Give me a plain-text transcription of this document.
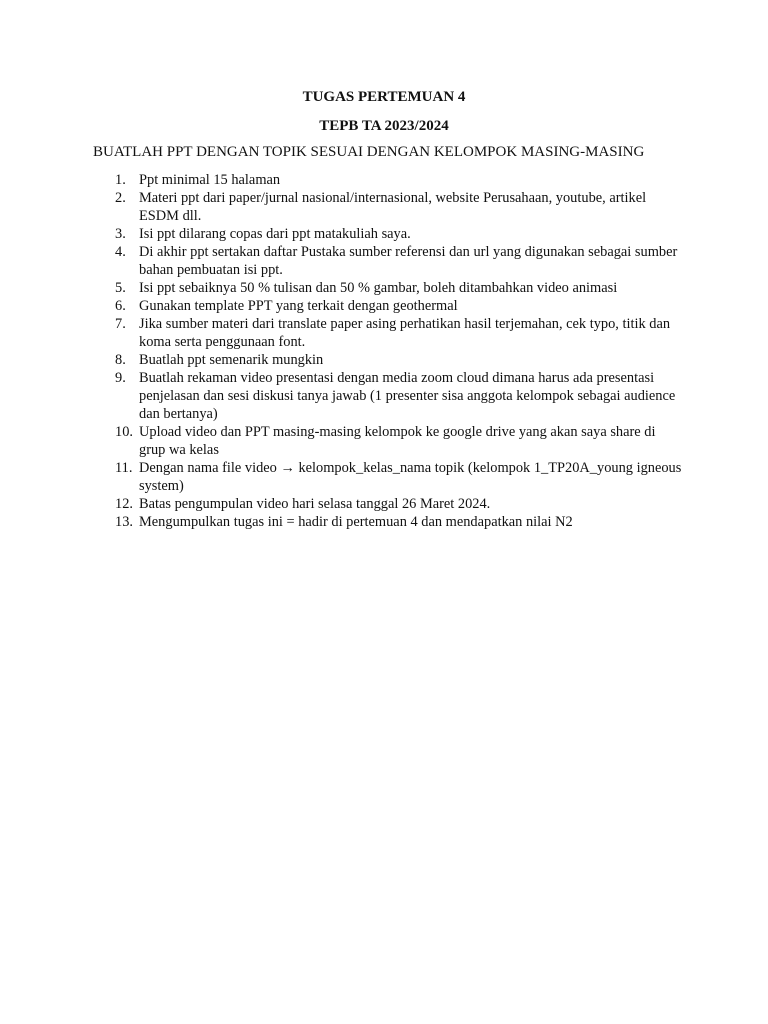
TUGAS PERTEMUAN 4
TEPB TA 2023/2024

BUATLAH PPT DENGAN TOPIK SESUAI DENGAN KELOMPOK MASING-MASING

1. Ppt minimal 15 halaman
2. Materi ppt dari paper/jurnal nasional/internasional, website Perusahaan, youtube, artikel ESDM dll.
3. Isi ppt dilarang copas dari ppt matakuliah saya.
4. Di akhir ppt sertakan daftar Pustaka sumber referensi dan url yang digunakan sebagai sumber bahan pembuatan isi ppt.
5. Isi ppt sebaiknya 50 % tulisan dan 50 % gambar, boleh ditambahkan video animasi
6. Gunakan template PPT yang terkait dengan geothermal
7. Jika sumber materi dari translate paper asing perhatikan hasil terjemahan, cek typo, titik dan koma serta penggunaan font.
8. Buatlah ppt semenarik mungkin
9. Buatlah rekaman video presentasi dengan media zoom cloud dimana harus ada presentasi penjelasan dan sesi diskusi tanya jawab (1 presenter sisa anggota kelompok sebagai audience dan bertanya)
10. Upload video dan PPT masing-masing kelompok ke google drive yang akan saya share di grup wa kelas
11. Dengan nama file video → kelompok_kelas_nama topik (kelompok 1_TP20A_young igneous system)
12. Batas pengumpulan video hari selasa tanggal 26 Maret 2024.
13. Mengumpulkan tugas ini = hadir di pertemuan 4 dan mendapatkan nilai N2
